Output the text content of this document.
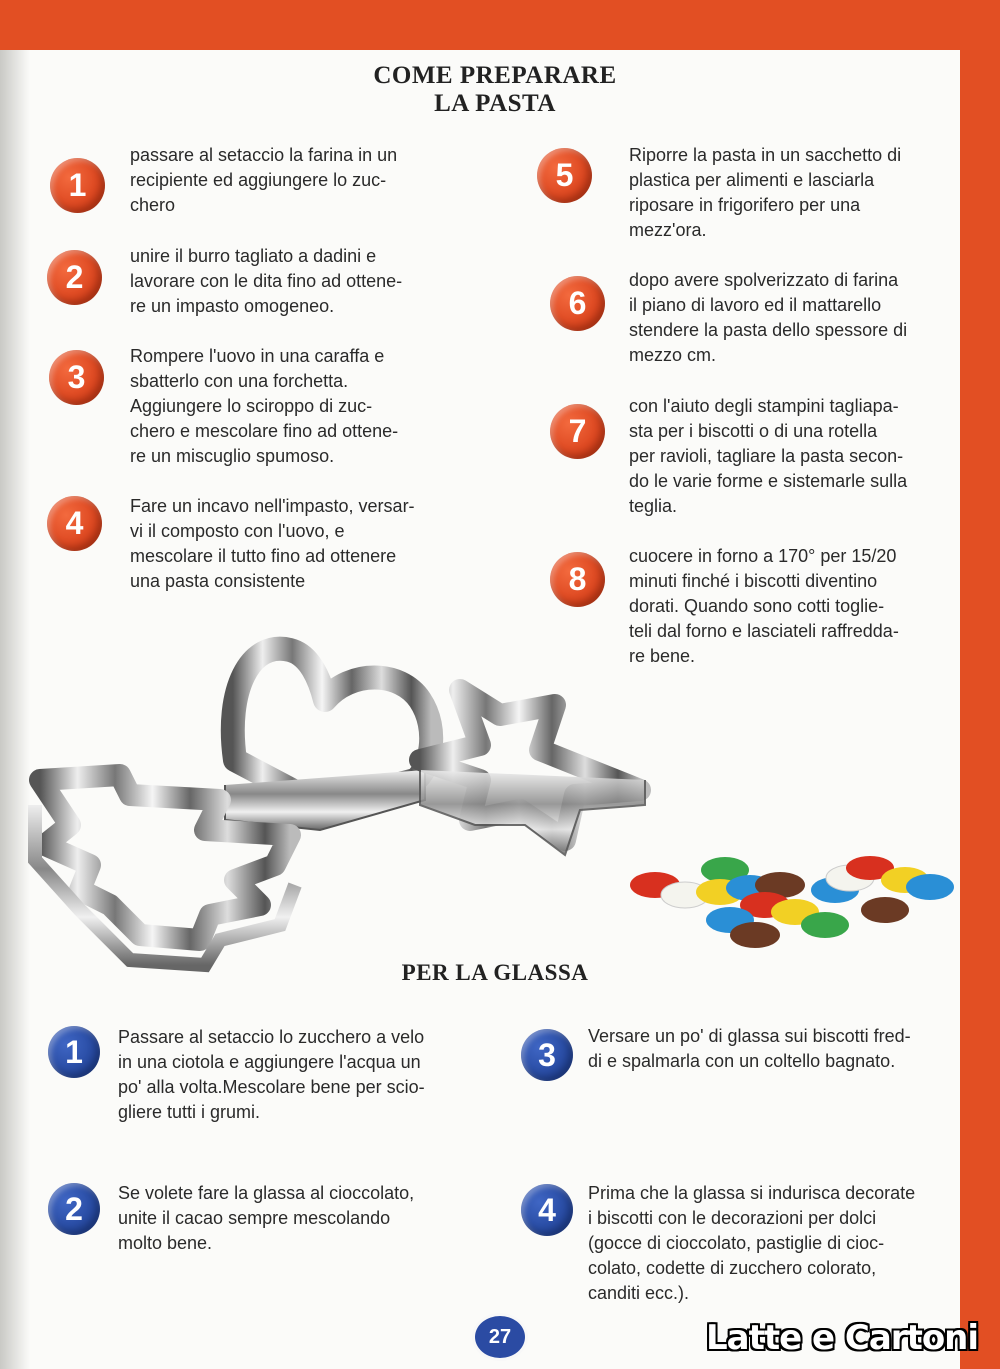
COME PREPARARE
LA PASTA
1
passare al setaccio la farina in un
recipiente ed aggiungere lo zuc-
chero
2
unire il burro tagliato a dadini e
lavorare con le dita fino ad ottene-
re un impasto omogeneo.
3
Rompere l'uovo in una caraffa e
sbatterlo con una forchetta.
Aggiungere lo sciroppo di zuc-
chero e mescolare fino ad ottene-
re un miscuglio spumoso.
4	Fare un incavo nell'impasto, versar-
vi il composto con l'uovo, e
mescolare il tutto fino ad ottenere
una pasta consistente
5
Riporre la pasta in un sacchetto di
plastica per alimenti e lasciarla
riposare in frigorifero per una
mezz'ora.
6
dopo avere spolverizzato di farina
il piano di lavoro ed il mattarello
stendere la pasta dello spessore di
mezzo cm.
7
con l'aiuto degli stampini tagliapa-
sta per i biscotti o di una rotella
per ravioli, tagliare la pasta secon-
do le varie forme e sistemarle sulla
teglia.
8
cuocere in forno a 170° per 15/20
minuti finché i biscotti diventino
dorati. Quando sono cotti toglie-
teli dal forno e lasciateli raffredda-
re bene.
PER LA GLASSA
1	Passare al setaccio lo zucchero a velo
in una ciotola e aggiungere l'acqua un
po' alla volta.Mescolare bene per scio-
gliere tutti i grumi.
2	Se volete fare la glassa al cioccolato,
unite il cacao sempre mescolando
molto bene.
3
Versare un po' di glassa sui biscotti fred-
di e spalmarla con un coltello bagnato.
4	Prima che la glassa si indurisca decorate
i biscotti con le decorazioni per dolci
(gocce di cioccolato, pastiglie di cioc-
colato, codette di zucchero colorato,
canditi ecc.).
27	Latte e Cartoni
